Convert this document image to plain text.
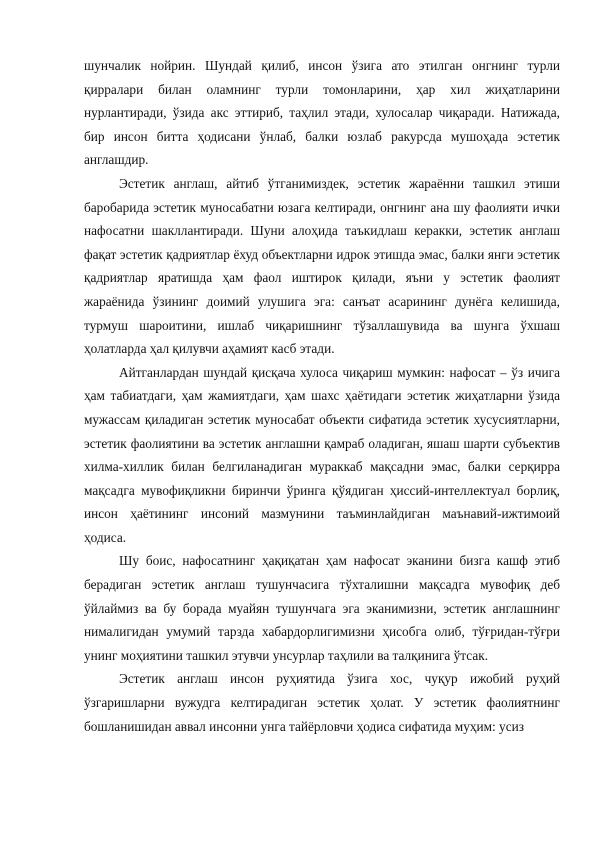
шунчалик нойрин. Шундай қилиб, инсон ўзига ато этилган онгнинг турли қирралари билан оламнинг турли томонларини, ҳар хил жиҳатларини нурлантиради, ўзида акс эттириб, таҳлил этади, хулосалар чиқаради. Натижада, бир инсон битта ҳодисани ўнлаб, балки юзлаб ракурсда мушоҳада эстетик англашдир.

Эстетик англаш, айтиб ўтганимиздек, эстетик жараённи ташкил этиши баробарида эстетик муносабатни юзага келтиради, онгнинг ана шу фаолияти ички нафосатни шакллантиради. Шуни алоҳида таъкидлаш керакки, эстетик англаш фақат эстетик қадриятлар ёхуд объектларни идрок этишда эмас, балки янги эстетик қадриятлар яратишда ҳам фаол иштирок қилади, яъни у эстетик фаолият жараёнида ўзининг доимий улушига эга: санъат асарининг дунёга келишида, турмуш шароитини, ишлаб чиқаришнинг тўзаллашувида ва шунга ўхшаш ҳолатларда ҳал қилувчи аҳамият касб этади.

Айтганлардан шундай қисқача хулоса чиқариш мумкин: нафосат – ўз ичига ҳам табиатдаги, ҳам жамиятдаги, ҳам шахс ҳаётидаги эстетик жиҳатларни ўзида мужассам қиладиган эстетик муносабат объекти сифатида эстетик хусусиятларни, эстетик фаолиятини ва эстетик англашни қамраб оладиган, яшаш шарти субъектив хилма-хиллик билан белгиланадиган мураккаб мақсадни эмас, балки серқирра мақсадга мувофиқликни биринчи ўринга қўядиган ҳиссий-интеллектуал борлиқ, инсон ҳаётининг инсоний мазмунини таъминлайдиган маънавий-ижтимоий ҳодиса.

Шу боис, нафосатнинг ҳақиқатан ҳам нафосат эканини бизга кашф этиб берадиган эстетик англаш тушунчасига тўхталишни мақсадга мувофиқ деб ўйлаймиз ва бу борада муайян тушунчага эга эканимизни, эстетик англашнинг нималигидан умумий тарзда хабардорлигимизни ҳисобга олиб, тўғридан-тўғри унинг моҳиятини ташкил этувчи унсурлар таҳлили ва талқинига ўтсак.

Эстетик англаш инсон руҳиятида ўзига хос, чуқур ижобий руҳий ўзгаришларни вужудга келтирадиган эстетик ҳолат. У эстетик фаолиятнинг бошланишидан аввал инсонни унга тайёрловчи ҳодиса сифатида муҳим: усиз
